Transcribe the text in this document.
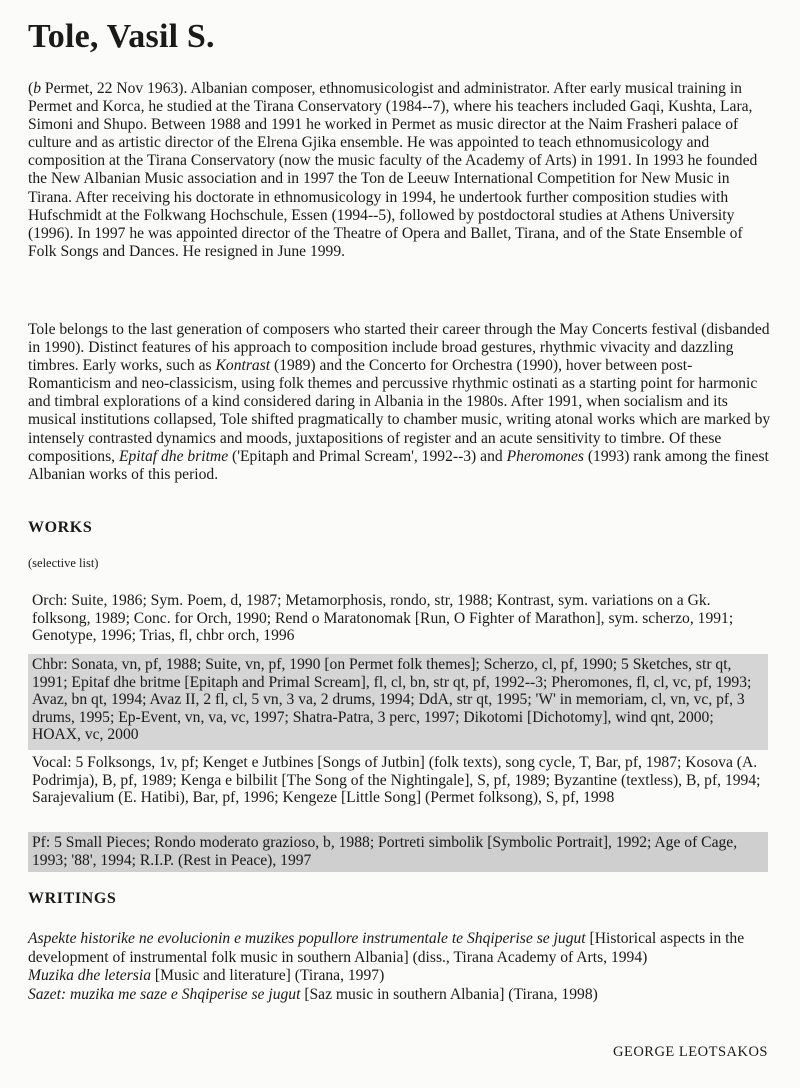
Tole, Vasil S.

(b Permet, 22 Nov 1963). Albanian composer, ethnomusicologist and administrator. After early musical training in Permet and Korca, he studied at the Tirana Conservatory (1984--7), where his teachers included Gaqi, Kushta, Lara, Simoni and Shupo. Between 1988 and 1991 he worked in Permet as music director at the Naim Frasheri palace of culture and as artistic director of the Elrena Gjika ensemble. He was appointed to teach ethnomusicology and composition at the Tirana Conservatory (now the music faculty of the Academy of Arts) in 1991. In 1993 he founded the New Albanian Music association and in 1997 the Ton de Leeuw International Competition for New Music in Tirana. After receiving his doctorate in ethnomusicology in 1994, he undertook further composition studies with Hufschmidt at the Folkwang Hochschule, Essen (1994--5), followed by postdoctoral studies at Athens University (1996). In 1997 he was appointed director of the Theatre of Opera and Ballet, Tirana, and of the State Ensemble of Folk Songs and Dances. He resigned in June 1999.

Tole belongs to the last generation of composers who started their career through the May Concerts festival (disbanded in 1990). Distinct features of his approach to composition include broad gestures, rhythmic vivacity and dazzling timbres. Early works, such as Kontrast (1989) and the Concerto for Orchestra (1990), hover between post-Romanticism and neo-classicism, using folk themes and percussive rhythmic ostinati as a starting point for harmonic and timbral explorations of a kind considered daring in Albania in the 1980s. After 1991, when socialism and its musical institutions collapsed, Tole shifted pragmatically to chamber music, writing atonal works which are marked by intensely contrasted dynamics and moods, juxtapositions of register and an acute sensitivity to timbre. Of these compositions, Epitaf dhe britme ('Epitaph and Primal Scream', 1992--3) and Pheromones (1993) rank among the finest Albanian works of this period.

WORKS

(selective list)

Orch: Suite, 1986; Sym. Poem, d, 1987; Metamorphosis, rondo, str, 1988; Kontrast, sym. variations on a Gk. folksong, 1989; Conc. for Orch, 1990; Rend o Maratonomak [Run, O Fighter of Marathon], sym. scherzo, 1991; Genotype, 1996; Trias, fl, chbr orch, 1996
Chbr: Sonata, vn, pf, 1988; Suite, vn, pf, 1990 [on Permet folk themes]; Scherzo, cl, pf, 1990; 5 Sketches, str qt, 1991; Epitaf dhe britme [Epitaph and Primal Scream], fl, cl, bn, str qt, pf, 1992--3; Pheromones, fl, cl, vc, pf, 1993; Avaz, bn qt, 1994; Avaz II, 2 fl, cl, 5 vn, 3 va, 2 drums, 1994; DdA, str qt, 1995; 'W' in memoriam, cl, vn, vc, pf, 3 drums, 1995; Ep-Event, vn, va, vc, 1997; Shatra-Patra, 3 perc, 1997; Dikotomi [Dichotomy], wind qnt, 2000; HOAX, vc, 2000
Vocal: 5 Folksongs, 1v, pf; Kenget e Jutbines [Songs of Jutbin] (folk texts), song cycle, T, Bar, pf, 1987; Kosova (A. Podrimja), B, pf, 1989; Kenga e bilbilit [The Song of the Nightingale], S, pf, 1989; Byzantine (textless), B, pf, 1994; Sarajevalium (E. Hatibi), Bar, pf, 1996; Kengeze [Little Song] (Permet folksong), S, pf, 1998
Pf: 5 Small Pieces; Rondo moderato grazioso, b, 1988; Portreti simbolik [Symbolic Portrait], 1992; Age of Cage, 1993; '88', 1994; R.I.P. (Rest in Peace), 1997
WRITINGS

Aspekte historike ne evolucionin e muzikes popullore instrumentale te Shqiperise se jugut [Historical aspects in the development of instrumental folk music in southern Albania] (diss., Tirana Academy of Arts, 1994)

Muzika dhe letersia [Music and literature] (Tirana, 1997)

Sazet: muzika me saze e Shqiperise se jugut [Saz music in southern Albania] (Tirana, 1998)

GEORGE LEOTSAKOS
